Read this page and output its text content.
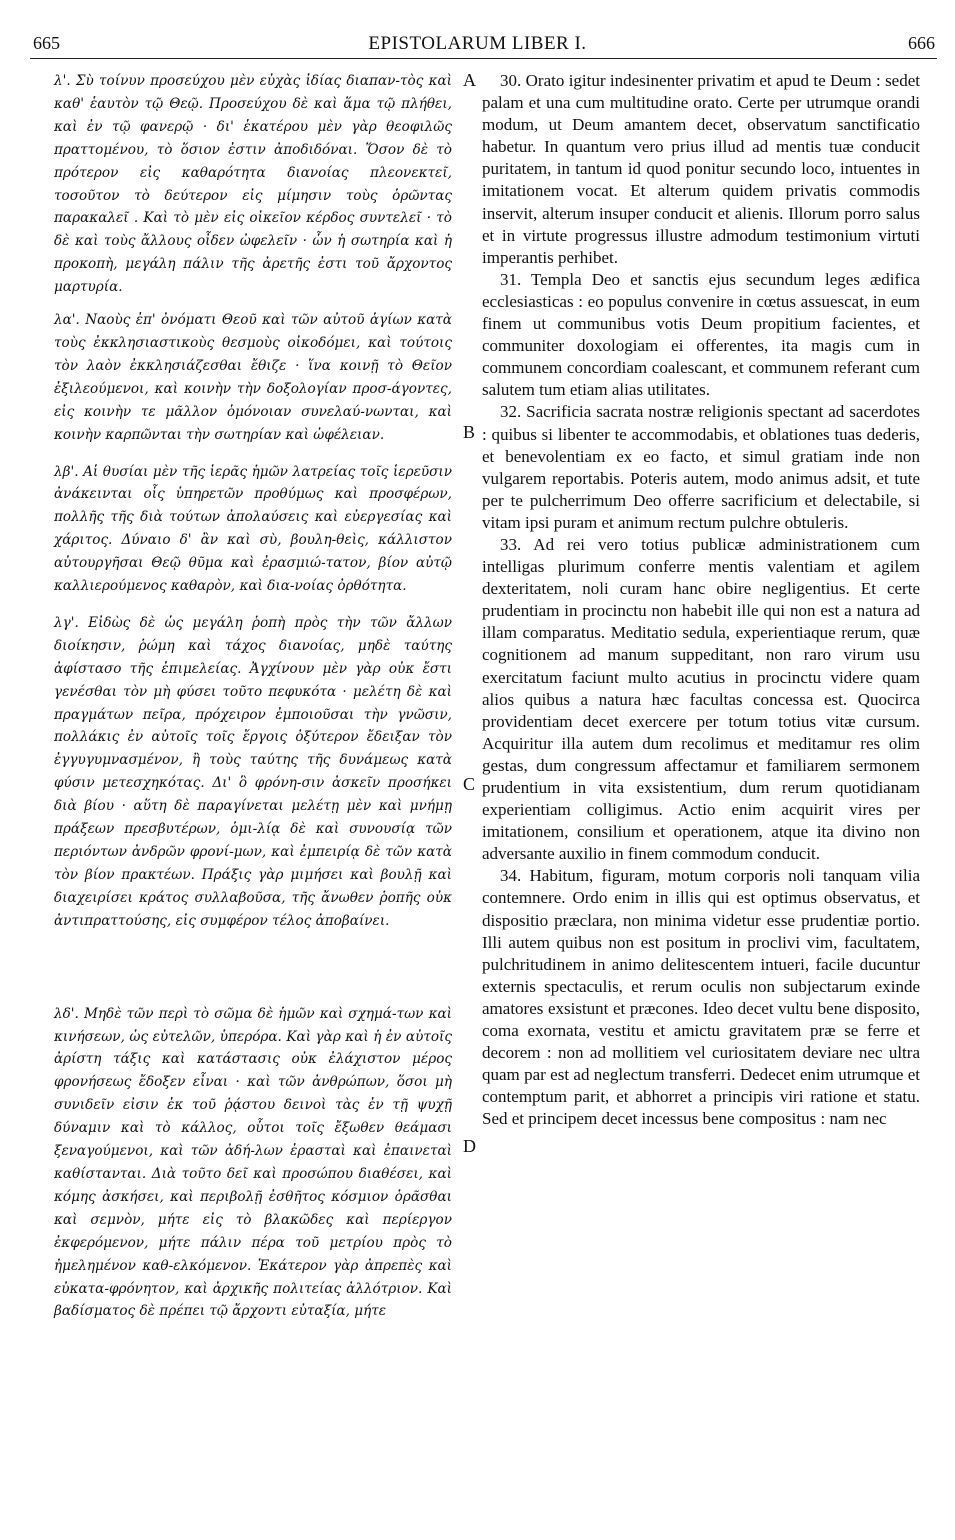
665	EPISTOLARUM LIBER I.	666

λ'. Σὺ τοίνυν προσεύχου μὲν εὐχὰς ἰδίας διαπαν-τὸς καὶ καθ' ἑαυτὸν τῷ Θεῷ. Προσεύχου δὲ καὶ ἅμα τῷ πλήθει, καὶ ἐν τῷ φανερῷ · δι' ἑκατέρου μὲν γὰρ θεοφιλῶς πραττομένου, τὸ ὅσιον ἐστιν ἀποδιδόναι. Ὅσον δὲ τὸ πρότερον εἰς καθαρότητα διανοίας πλεονεκτεῖ, τοσοῦτον τὸ δεύτερον εἰς μίμησιν τοὺς ὁρῶντας παρακαλεῖ . Καὶ τὸ μὲν εἰς οἰκεῖον κέρδος συντελεῖ · τὸ δὲ καὶ τοὺς ἄλλους οἶδεν ὠφελεῖν · ὧν ἡ σωτηρία καὶ ἡ προκοπὴ, μεγάλη πάλιν τῆς ἀρετῆς ἐστι τοῦ ἄρχοντος μαρτυρία.

λα'. Ναοὺς ἐπ' ὀνόματι Θεοῦ καὶ τῶν αὐτοῦ ἁγίων κατὰ τοὺς ἐκκλησιαστικοὺς θεσμοὺς οἰκοδόμει, καὶ τούτοις τὸν λαὸν ἐκκλησιάζεσθαι ἔθιζε · ἵνα κοινῇ τὸ Θεῖον ἐξιλεούμενοι, καὶ κοινὴν τὴν δοξολογίαν προσ-άγοντες, εἰς κοινὴν τε μᾶλλον ὁμόνοιαν συνελαύ-νωνται, καὶ κοινὴν καρπῶνται τὴν σωτηρίαν καὶ ὠφέλειαν.

λβ'. Αἱ θυσίαι μὲν τῆς ἱερᾶς ἡμῶν λατρείας τοῖς ἱερεῦσιν ἀνάκεινται οἷς ὑπηρετῶν προθύμως καὶ προσφέρων, πολλῆς τῆς διὰ τούτων ἀπολαύσεις καὶ εὐεργεσίας καὶ χάριτος. Δύναιο δ' ἂν καὶ σὺ, βουλη-θεὶς, κάλλιστον αὐτουργῆσαι Θεῷ θῦμα καὶ ἐρασμιώ-τατον, βίον αὐτῷ καλλιερούμενος καθαρὸν, καὶ δια-νοίας ὀρθότητα.

λγ'. Εἰδὼς δὲ ὡς μεγάλη ῥοπὴ πρὸς τὴν τῶν ἄλλων διοίκησιν, ῥώμη καὶ τάχος διανοίας, μηδὲ ταύτης ἀφίστασο τῆς ἐπιμελείας. Ἀγχίνουν μὲν γὰρ οὐκ ἔστι γενέσθαι τὸν μὴ φύσει τοῦτο πεφυκότα · μελέτη δὲ καὶ πραγμάτων πεῖρα, πρόχειρον ἐμποιοῦσαι τὴν γνῶσιν, πολλάκις ἐν αὐτοῖς τοῖς ἔργοις ὀξύτερον ἔδειξαν τὸν ἐγγυγυμνασμένον, ἢ τοὺς ταύτης τῆς δυνάμεως κατὰ φύσιν μετεσχηκότας. Δι' ὃ φρόνη-σιν ἀσκεῖν προσήκει διὰ βίου · αὕτη δὲ παραγίνεται μελέτῃ μὲν καὶ μνήμῃ πράξεων πρεσβυτέρων, ὁμι-λίᾳ δὲ καὶ συνουσίᾳ τῶν περιόντων ἀνδρῶν φρονί-μων, καὶ ἐμπειρίᾳ δὲ τῶν κατὰ τὸν βίον πρακτέων. Πράξις γὰρ μιμήσει καὶ βουλῇ καὶ διαχειρίσει κράτος συλλαβοῦσα, τῆς ἄνωθεν ῥοπῆς οὐκ ἀντιπραττούσης, εἰς συμφέρον τέλος ἀποβαίνει.

λδ'. Μηδὲ τῶν περὶ τὸ σῶμα δὲ ἡμῶν καὶ σχημά-των καὶ κινήσεων, ὡς εὐτελῶν, ὑπερόρα. Καὶ γὰρ καὶ ἡ ἐν αὐτοῖς ἀρίστη τάξις καὶ κατάστασις οὐκ ἐλάχιστον μέρος φρονήσεως ἔδοξεν εἶναι · καὶ τῶν ἀνθρώπων, ὅσοι μὴ συνιδεῖν εἰσιν ἐκ τοῦ ῥᾴστου δεινοὶ τὰς ἐν τῇ ψυχῇ δύναμιν καὶ τὸ κάλλος, οὗτοι τοῖς ἔξωθεν θεάμασι ξεναγούμενοι, καὶ τῶν ἀδή-λων ἐρασταὶ καὶ ἐπαινεταὶ καθίστανται. Διὰ τοῦτο δεῖ καὶ προσώπου διαθέσει, καὶ κόμης ἀσκήσει, καὶ περιβολῇ ἐσθῆτος κόσμιον ὁρᾶσθαι καὶ σεμνὸν, μήτε εἰς τὸ βλακῶδες καὶ περίεργον ἐκφερόμενον, μήτε πάλιν πέρα τοῦ μετρίου πρὸς τὸ ἠμελημένον καθ-ελκόμενον. Ἑκάτερον γὰρ ἀπρεπὲς καὶ εὐκατα-φρόνητον, καὶ ἀρχικῆς πολιτείας ἀλλότριον. Καὶ βαδίσματος δὲ πρέπει τῷ ἄρχοντι εὐταξία, μήτε

A
B
C
D

30. Orato igitur indesinenter privatim et apud te Deum : sedet palam et una cum multitudine orato. Certe per utrumque orandi modum, ut Deum amantem decet, observatum sanctificatio habetur. In quantum vero prius illud ad mentis tuæ conducit puritatem, in tantum id quod ponitur secundo loco, intuentes in imitationem vocat. Et alterum quidem privatis commodis inservit, alterum insuper conducit et alienis. Illorum porro salus et in virtute progressus illustre admodum testimonium virtuti imperantis perhibet.

31. Templa Deo et sanctis ejus secundum leges ædifica ecclesiasticas : eo populus convenire in cœtus assuescat, in eum finem ut communibus votis Deum propitium facientes, et communiter doxologiam ei offerentes, ita magis cum in communem concordiam coalescant, et communem referant cum salutem tum etiam alias utilitates.

32. Sacrificia sacrata nostræ religionis spectant ad sacerdotes : quibus si libenter te accommodabis, et oblationes tuas dederis, et benevolentiam ex eo facto, et simul gratiam inde non vulgarem reportabis. Poteris autem, modo animus adsit, et tute per te pulcherrimum Deo offerre sacrificium et delectabile, si vitam ipsi puram et animum rectum pulchre obtuleris.

33. Ad rei vero totius publicæ administrationem cum intelligas plurimum conferre mentis valentiam et agilem dexteritatem, noli curam hanc obire negligentius. Et certe prudentiam in procinctu non habebit ille qui non est a natura ad illam comparatus. Meditatio sedula, experientiaque rerum, quæ cognitionem ad manum suppeditant, non raro virum usu exercitatum faciunt multo acutius in procinctu videre quam alios quibus a natura hæc facultas concessa est. Quocirca providentiam decet exercere per totum totius vitæ cursum. Acquiritur illa autem dum recolimus et meditamur res olim gestas, dum congressum affectamur et familiarem sermonem prudentium in vita exsistentium, dum rerum quotidianam experientiam colligimus. Actio enim acquirit vires per imitationem, consilium et operationem, atque ita divino non adversante auxilio in finem commodum conducit.

34. Habitum, figuram, motum corporis noli tanquam vilia contemnere. Ordo enim in illis qui est optimus observatus, et dispositio præclara, non minima videtur esse prudentiæ portio. Illi autem quibus non est positum in proclivi vim, facultatem, pulchritudinem in animo delitescentem intueri, facile ducuntur externis spectaculis, et rerum oculis non subjectarum exinde amatores exsistunt et præcones. Ideo decet vultu bene disposito, coma exornata, vestitu et amictu gravitatem præ se ferre et decorem : non ad mollitiem vel curiositatem deviare nec ultra quam par est ad neglectum transferri. Dedecet enim utrumque et contemptum parit, et abhorret a principis viri ratione et statu. Sed et principem decet incessus bene compositus : nam nec
